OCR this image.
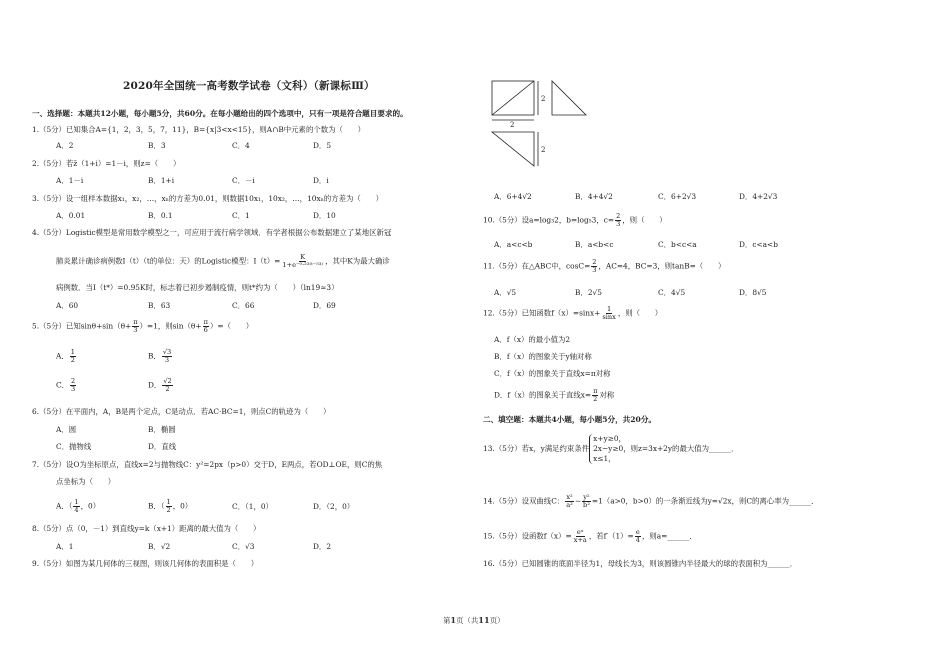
2020年全国统一高考数学试卷（文科）（新课标Ⅲ）
一、选择题：本题共12小题，每小题5分，共60分。在每小题给出的四个选项中，只有一项是符合题目要求的。
1.（5分）已知集合A={1，2，3，5，7，11}，B={x|3<x<15}，则A∩B中元素的个数为（　　）
A．2	B．3	C．4	D．5
2.（5分）若z̄（1+i）=1－i，则z=（　　）
A．1－i	B．1+i	C．－i	D．i
3.（5分）设一组样本数据x₁，x₂，…，xₙ的方差为0.01，则数据10x₁，10x₂，…，10xₙ的方差为（　　）
A．0.01	B．0.1	C．1	D．10
4.（5分）Logistic模型是常用数学模型之一，可应用于流行病学领域．有学者根据公布数据建立了某地区新冠
肺炎累计确诊病例数I（t）（t的单位：天）的Logistic模型：$I(t)= \frac{K}{\text{1+e⁻⁰·²³⁽ᵗ⁻⁵³⁾}}$ ，其中K为最大确诊
病例数．当I（t*）=0.95K时，标志着已初步遏制疫情，则t*约为（　　）（ln19≈3）
A．60	B．63	C．66	D．69
5.（5分）已知$\sin\theta+\sin(\theta+ \frac{\pi}{3} )=1$，则$\sin(\theta+ \frac{\pi}{6}$ ）=（　　）
A． $\frac{1}{2}$	B． $\frac{√3}{3}$
C． $\frac{2}{3}$	D． $\frac{√2}{2}$
6.（5分）在平面内，A，B是两个定点，C是动点．若AC·BC=1，则点C的轨迹为（　　）
A．圆	B．椭圆
C．抛物线	D．直线
7.（5分）设O为坐标原点，直线x=2与抛物线C：y²=2px（p>0）交于D，E两点，若OD⊥OE，则C的焦
点坐标为（　　）
A．（ $\frac{1}{4}$ ，0）	B．（ $\frac{1}{2}$ ，0）	C．（1，0）	D．（2，0）
8.（5分）点（0，－1）到直线y=k（x+1）距离的最大值为（　　）
A．1	B．√2	C．√3	D．2
9.（5分）如图为某几何体的三视图，则该几何体的表面积是（　　）
2
2
2
A．6+4√2	B．4+4√2	C．6+2√3	D．4+2√3
10.（5分）设a=log₃2，b=log₅3，$c= \frac{2}{3}$ ，则（　　）
A．a<c<b	B．a<b<c	C．b<c<a	D．c<a<b
11.（5分）在△ABC中，$\cos C= \frac{2}{3}$ ，AC=4，BC=3，则tanB=（　　）
A．√5	B．2√5	C．4√5	D．8√5
12.（5分）已知函数$f(x)=\sin x+ \frac{1}{\sin x}$ ，则（　　）
A．f（x）的最小值为2
B．f（x）的图象关于y轴对称
C．f（x）的图象关于直线x=π对称
D．f（x）的图象关于直线$x= \frac{\pi}{2}$ 对称
二、填空题：本题共4小题，每小题5分，共20分。
13.（5分）若x，y满足约束条件x+y≥0，
2x−y≥0，
x≤1，则z=3x+2y的最大值为______．
14.（5分）设双曲线C： $\frac{\text{x²}}{\text{a²}} - \frac{\text{y²}}{\text{b²}} =1(a>0$，b>0）的一条渐近线为y=√2x，则C的离心率为______．
15.（5分）设函数$f(x)= \frac{\text{eˣ}}{x+a}$ ，若$f'(1)= \frac{e}{4}$ ，则a=______．
16.（5分）已知圆锥的底面半径为1，母线长为3，则该圆锥内半径最大的球的表面积为______．
第1页（共11页）
